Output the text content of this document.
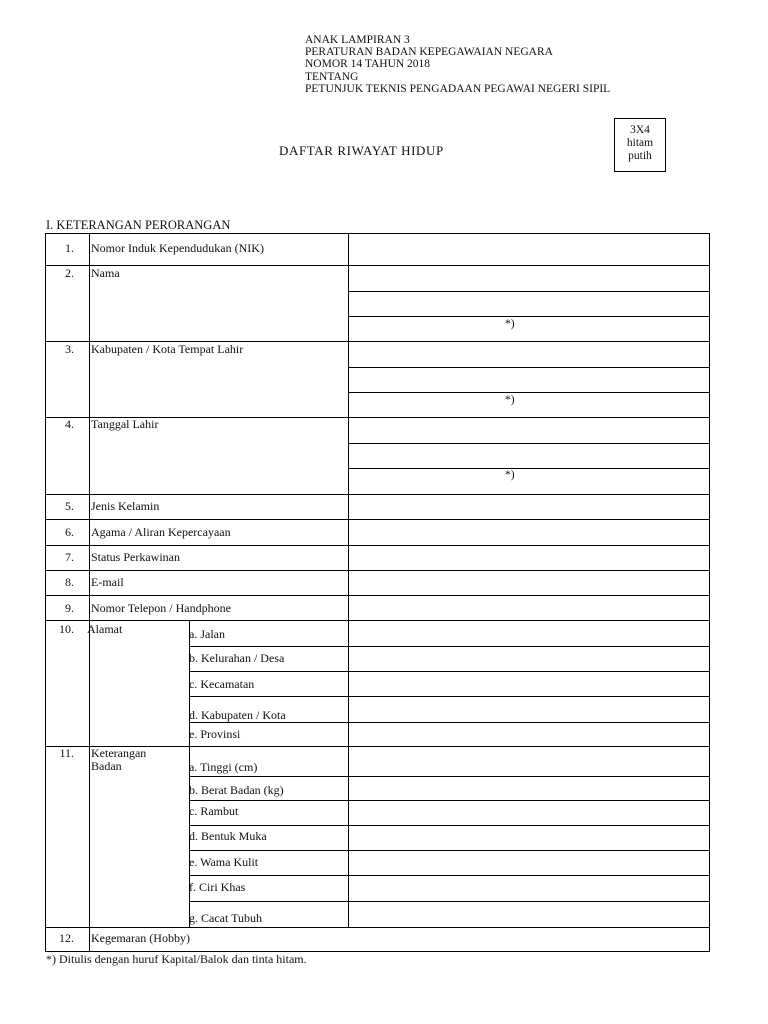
ANAK LAMPIRAN 3
PERATURAN BADAN KEPEGAWAIAN NEGARA
NOMOR 14 TAHUN 2018
TENTANG
PETUNJUK TEKNIS PENGADAAN PEGAWAI NEGERI SIPIL
DAFTAR RIWAYAT HIDUP
3X4
hitam
putih
I. KETERANGAN PERORANGAN
1. Nomor Induk Kependudukan (NIK)
2. Nama
*)
3. Kabupaten / Kota Tempat Lahir
*)
4. Tanggal Lahir
*)
5. Jenis Kelamin
6. Agama / Aliran Kepercayaan
7. Status Perkawinan
8. E-mail
9. Nomor Telepon / Handphone
10. Alamat	a. Jalan
b. Kelurahan / Desa
c. Kecamatan
d. Kabupaten / Kota
e. Provinsi
11. Keterangan Badan	a. Tinggi (cm)
b. Berat Badan (kg)
c. Rambut
d. Bentuk Muka
e. Wama Kulit
f. Ciri Khas
g. Cacat Tubuh
12. Kegemaran (Hobby)
*) Ditulis dengan huruf Kapital/Balok dan tinta hitam.
